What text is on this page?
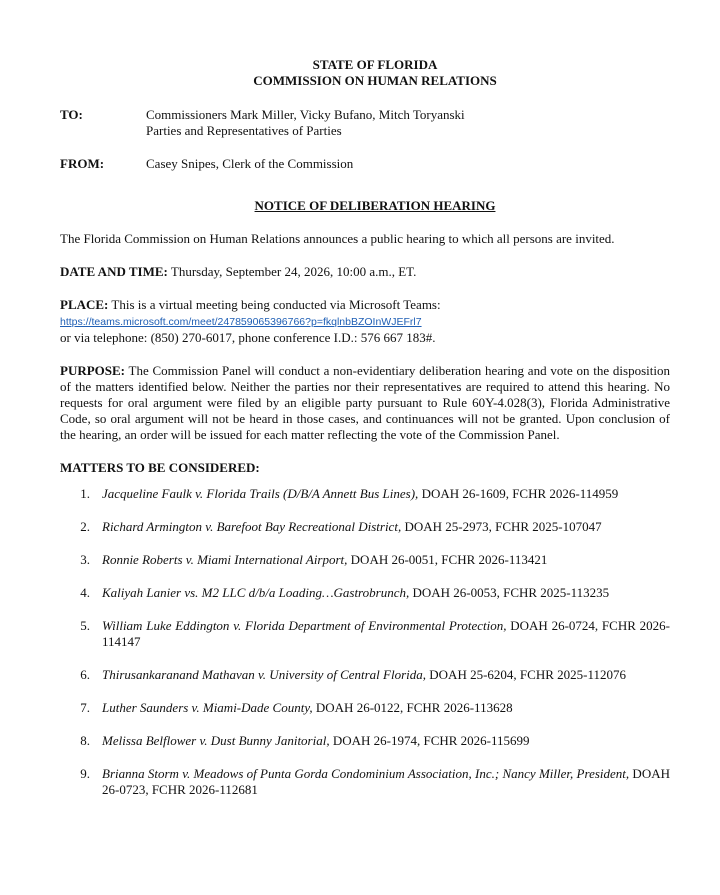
STATE OF FLORIDA
COMMISSION ON HUMAN RELATIONS
TO:	Commissioners Mark Miller, Vicky Bufano, Mitch Toryanski
Parties and Representatives of Parties
FROM:	Casey Snipes, Clerk of the Commission
NOTICE OF DELIBERATION HEARING
The Florida Commission on Human Relations announces a public hearing to which all persons are invited.
DATE AND TIME: Thursday, September 24, 2026, 10:00 a.m., ET.
PLACE: This is a virtual meeting being conducted via Microsoft Teams:
https://teams.microsoft.com/meet/247859065396766?p=fkqlnbBZOInWJEFrl7
or via telephone: (850) 270-6017, phone conference I.D.: 576 667 183#.
PURPOSE: The Commission Panel will conduct a non-evidentiary deliberation hearing and vote on the disposition of the matters identified below. Neither the parties nor their representatives are required to attend this hearing. No requests for oral argument were filed by an eligible party pursuant to Rule 60Y-4.028(3), Florida Administrative Code, so oral argument will not be heard in those cases, and continuances will not be granted. Upon conclusion of the hearing, an order will be issued for each matter reflecting the vote of the Commission Panel.
MATTERS TO BE CONSIDERED:
1. Jacqueline Faulk v. Florida Trails (D/B/A Annett Bus Lines), DOAH 26-1609, FCHR 2026-114959
2. Richard Armington v. Barefoot Bay Recreational District, DOAH 25-2973, FCHR 2025-107047
3. Ronnie Roberts v. Miami International Airport, DOAH 26-0051, FCHR 2026-113421
4. Kaliyah Lanier vs. M2 LLC d/b/a Loading…Gastrobrunch, DOAH 26-0053, FCHR 2025-113235
5. William Luke Eddington v. Florida Department of Environmental Protection, DOAH 26-0724, FCHR 2026-114147
6. Thirusankaranand Mathavan v. University of Central Florida, DOAH 25-6204, FCHR 2025-112076
7. Luther Saunders v. Miami-Dade County, DOAH 26-0122, FCHR 2026-113628
8. Melissa Belflower v. Dust Bunny Janitorial, DOAH 26-1974, FCHR 2026-115699
9. Brianna Storm v. Meadows of Punta Gorda Condominium Association, Inc.; Nancy Miller, President, DOAH 26-0723, FCHR 2026-112681
